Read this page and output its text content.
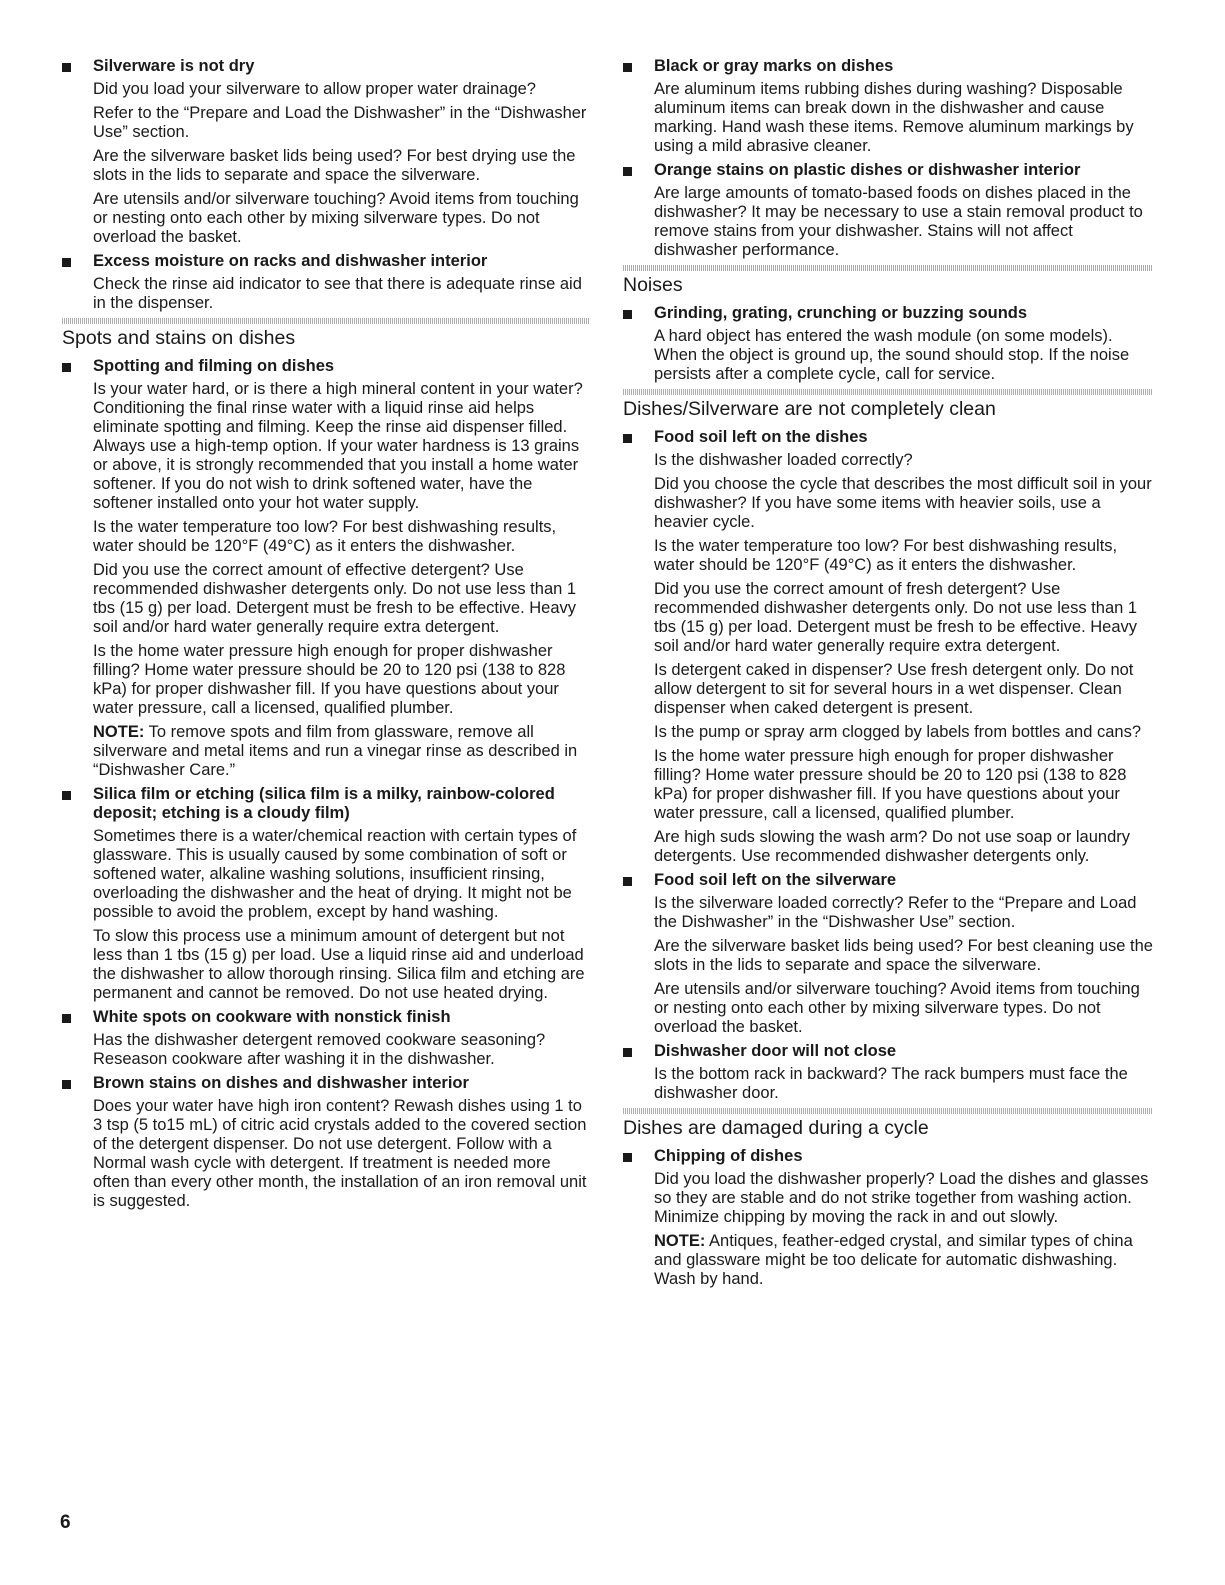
Silverware is not dry

Did you load your silverware to allow proper water drainage?

Refer to the “Prepare and Load the Dishwasher” in the “Dishwasher Use” section.

Are the silverware basket lids being used? For best drying use the slots in the lids to separate and space the silverware.

Are utensils and/or silverware touching? Avoid items from touching or nesting onto each other by mixing silverware types. Do not overload the basket.

Excess moisture on racks and dishwasher interior

Check the rinse aid indicator to see that there is adequate rinse aid in the dispenser.

Spots and stains on dishes
Spotting and filming on dishes

Is your water hard, or is there a high mineral content in your water? Conditioning the final rinse water with a liquid rinse aid helps eliminate spotting and filming. Keep the rinse aid dispenser filled. Always use a high-temp option. If your water hardness is 13 grains or above, it is strongly recommended that you install a home water softener. If you do not wish to drink softened water, have the softener installed onto your hot water supply.

Is the water temperature too low? For best dishwashing results, water should be 120°F (49°C) as it enters the dishwasher.

Did you use the correct amount of effective detergent? Use recommended dishwasher detergents only. Do not use less than 1 tbs (15 g) per load. Detergent must be fresh to be effective. Heavy soil and/or hard water generally require extra detergent.

Is the home water pressure high enough for proper dishwasher filling? Home water pressure should be 20 to 120 psi (138 to 828 kPa) for proper dishwasher fill. If you have questions about your water pressure, call a licensed, qualified plumber.

NOTE: To remove spots and film from glassware, remove all silverware and metal items and run a vinegar rinse as described in “Dishwasher Care.”

Silica film or etching (silica film is a milky, rainbow-colored deposit; etching is a cloudy film)

Sometimes there is a water/chemical reaction with certain types of glassware. This is usually caused by some combination of soft or softened water, alkaline washing solutions, insufficient rinsing, overloading the dishwasher and the heat of drying. It might not be possible to avoid the problem, except by hand washing.

To slow this process use a minimum amount of detergent but not less than 1 tbs (15 g) per load. Use a liquid rinse aid and underload the dishwasher to allow thorough rinsing. Silica film and etching are permanent and cannot be removed. Do not use heated drying.

White spots on cookware with nonstick finish

Has the dishwasher detergent removed cookware seasoning? Reseason cookware after washing it in the dishwasher.

Brown stains on dishes and dishwasher interior

Does your water have high iron content? Rewash dishes using 1 to 3 tsp (5 to15 mL) of citric acid crystals added to the covered section of the detergent dispenser. Do not use detergent. Follow with a Normal wash cycle with detergent. If treatment is needed more often than every other month, the installation of an iron removal unit is suggested.

Black or gray marks on dishes

Are aluminum items rubbing dishes during washing? Disposable aluminum items can break down in the dishwasher and cause marking. Hand wash these items. Remove aluminum markings by using a mild abrasive cleaner.

Orange stains on plastic dishes or dishwasher interior

Are large amounts of tomato-based foods on dishes placed in the dishwasher? It may be necessary to use a stain removal product to remove stains from your dishwasher. Stains will not affect dishwasher performance.

Noises
Grinding, grating, crunching or buzzing sounds

A hard object has entered the wash module (on some models). When the object is ground up, the sound should stop. If the noise persists after a complete cycle, call for service.

Dishes/Silverware are not completely clean
Food soil left on the dishes

Is the dishwasher loaded correctly?

Did you choose the cycle that describes the most difficult soil in your dishwasher? If you have some items with heavier soils, use a heavier cycle.

Is the water temperature too low? For best dishwashing results, water should be 120°F (49°C) as it enters the dishwasher.

Did you use the correct amount of fresh detergent? Use recommended dishwasher detergents only. Do not use less than 1 tbs (15 g) per load. Detergent must be fresh to be effective. Heavy soil and/or hard water generally require extra detergent.

Is detergent caked in dispenser? Use fresh detergent only. Do not allow detergent to sit for several hours in a wet dispenser. Clean dispenser when caked detergent is present.

Is the pump or spray arm clogged by labels from bottles and cans?

Is the home water pressure high enough for proper dishwasher filling? Home water pressure should be 20 to 120 psi (138 to 828 kPa) for proper dishwasher fill. If you have questions about your water pressure, call a licensed, qualified plumber.

Are high suds slowing the wash arm? Do not use soap or laundry detergents. Use recommended dishwasher detergents only.

Food soil left on the silverware

Is the silverware loaded correctly? Refer to the “Prepare and Load the Dishwasher” in the “Dishwasher Use” section.

Are the silverware basket lids being used? For best cleaning use the slots in the lids to separate and space the silverware.

Are utensils and/or silverware touching? Avoid items from touching or nesting onto each other by mixing silverware types. Do not overload the basket.

Dishwasher door will not close

Is the bottom rack in backward? The rack bumpers must face the dishwasher door.

Dishes are damaged during a cycle
Chipping of dishes

Did you load the dishwasher properly? Load the dishes and glasses so they are stable and do not strike together from washing action. Minimize chipping by moving the rack in and out slowly.

NOTE: Antiques, feather-edged crystal, and similar types of china and glassware might be too delicate for automatic dishwashing. Wash by hand.

6
